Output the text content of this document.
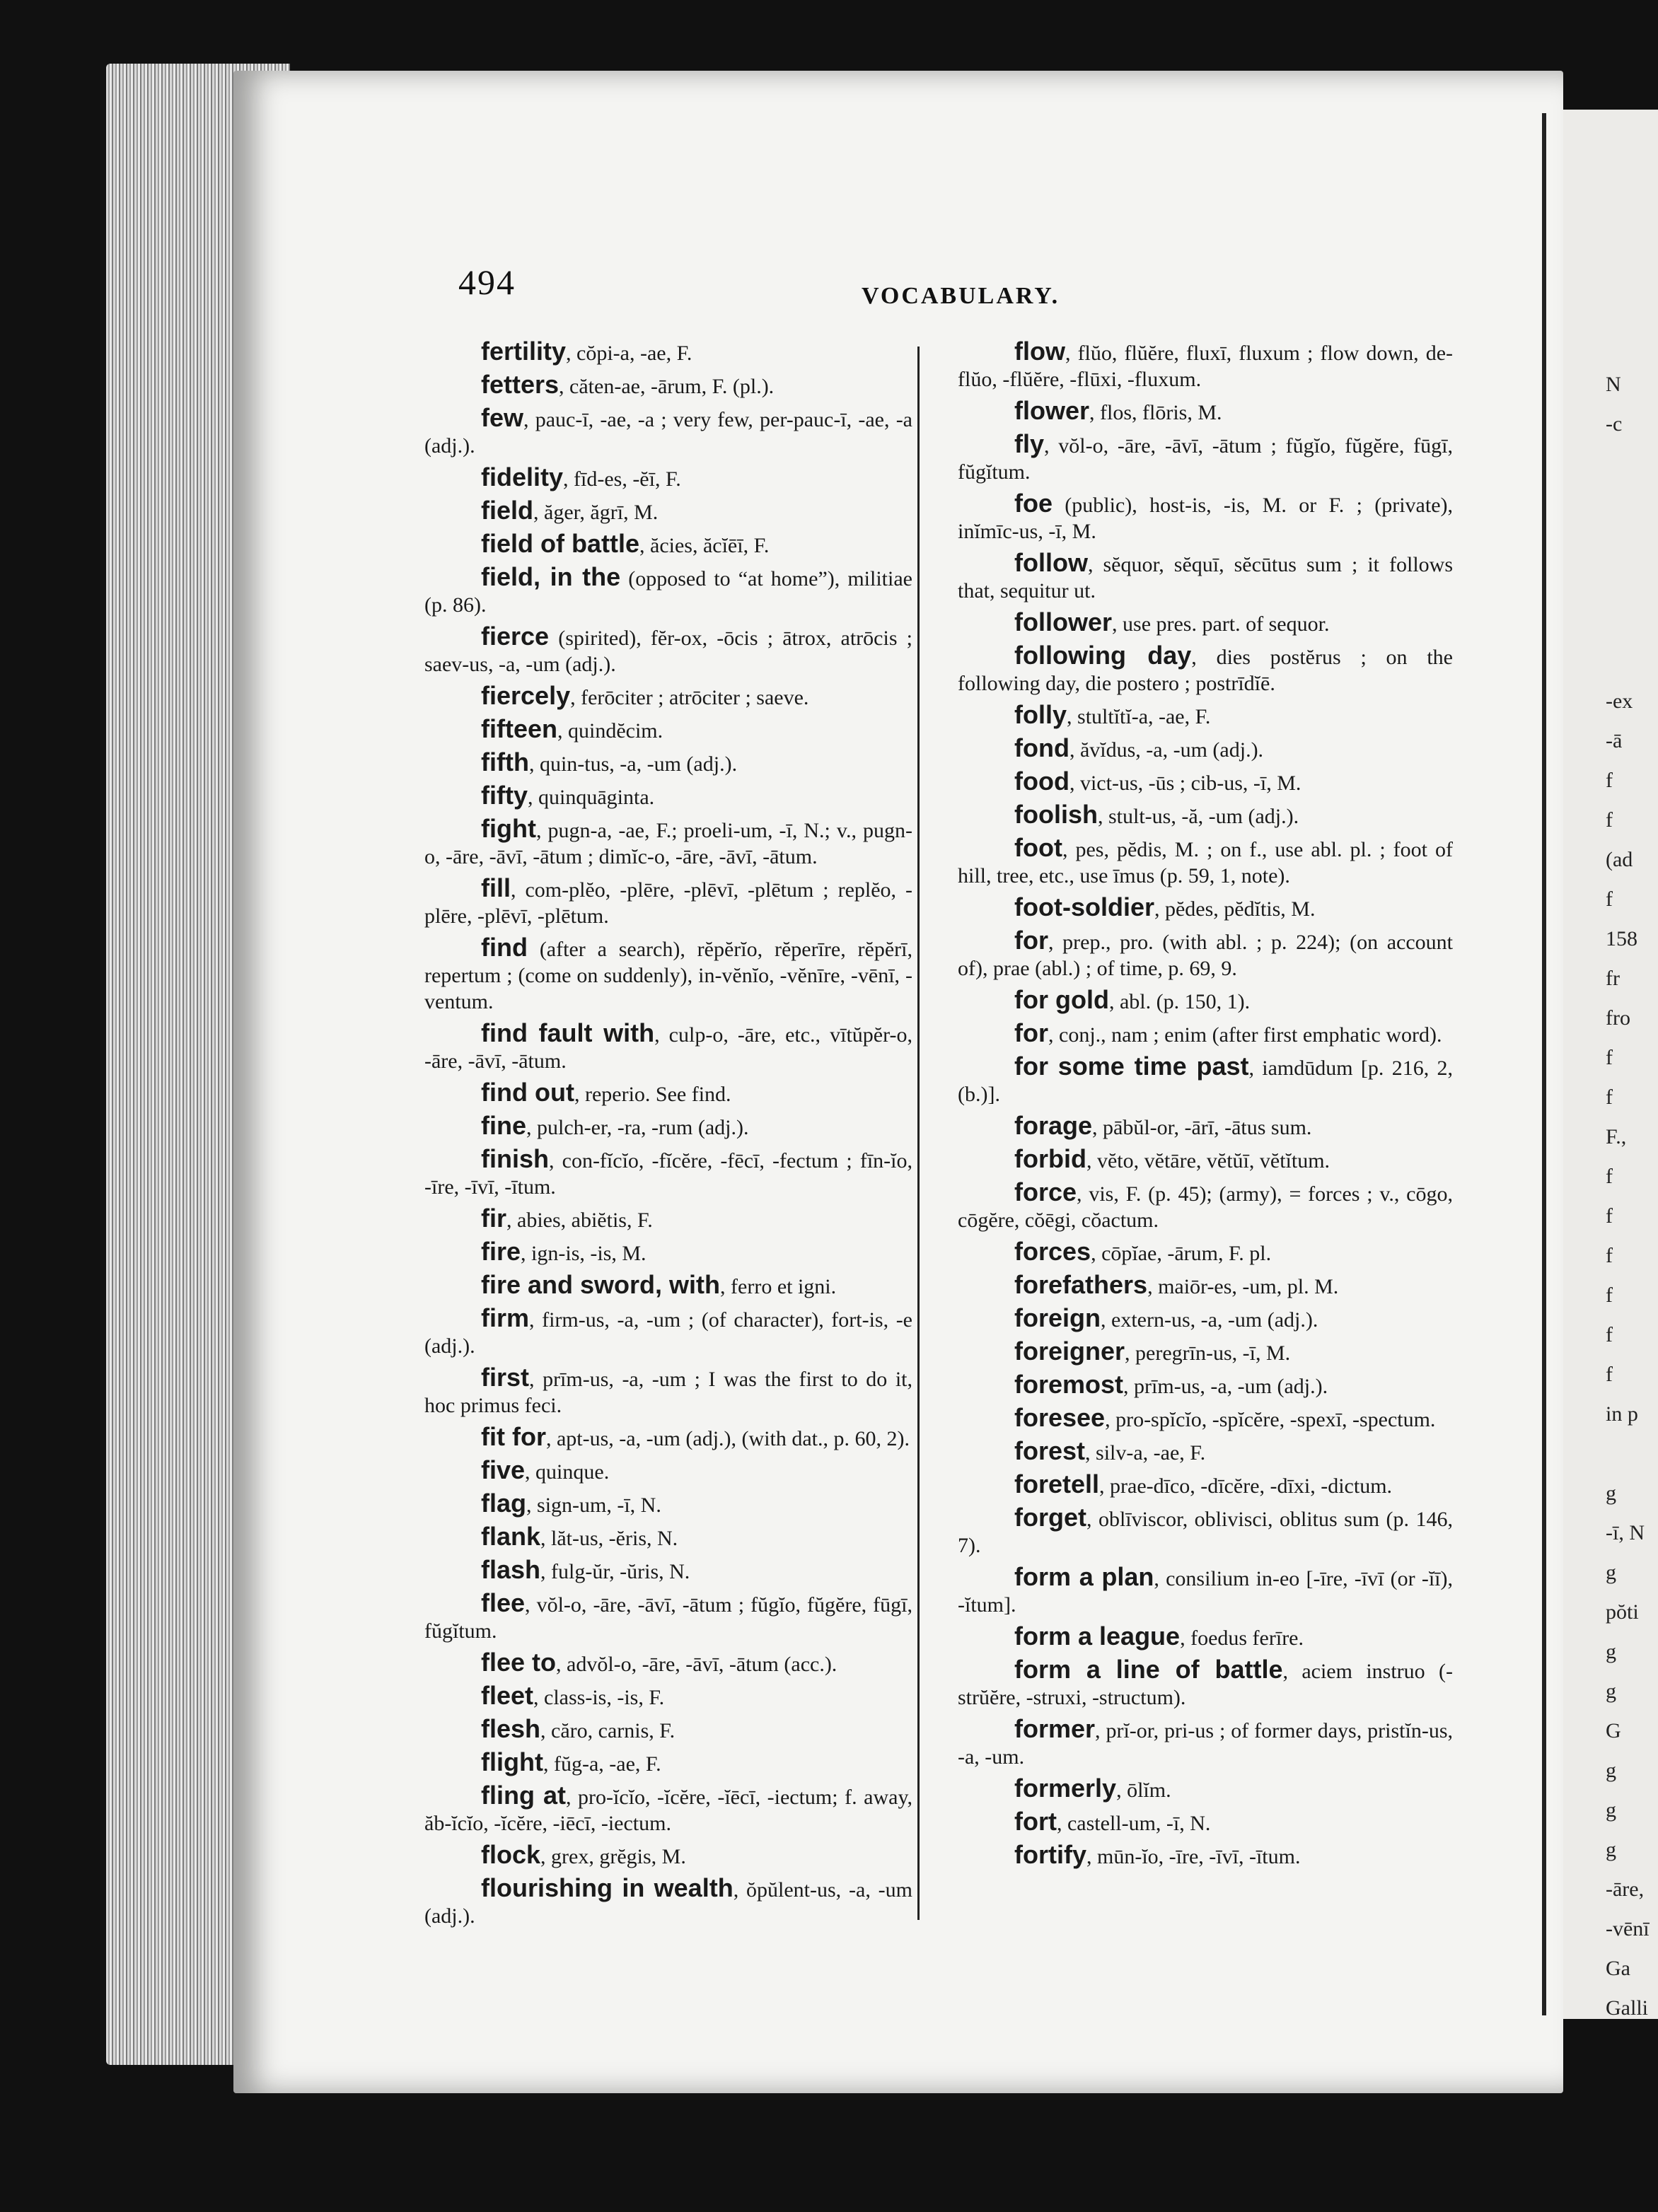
494	VOCABULARY.

fertility, cŏpi-a, -ae, F.

fetters, căten-ae, -ārum, F. (pl.).

few, pauc-ī, -ae, -a ; very few, per-pauc-ī, -ae, -a (adj.).

fidelity, fīd-es, -ĕī, F.

field, ăger, ăgrī, M.

field of battle, ăcies, ăcĭēī, F.

field, in the (opposed to “at home”), militiae (p. 86).

fierce (spirited), fĕr-ox, -ōcis ; ātrox, atrōcis ; saev-us, -a, -um (adj.).

fiercely, ferōciter ; atrōciter ; saeve.

fifteen, quindĕcim.

fifth, quin-tus, -a, -um (adj.).

fifty, quinquāginta.

fight, pugn-a, -ae, F.; proeli-um, -ī, N.; v., pugn-o, -āre, -āvī, -ātum ; dimĭc-o, -āre, -āvī, -ātum.

fill, com-plĕo, -plēre, -plēvī, -plētum ; replĕo, -plēre, -plēvī, -plētum.

find (after a search), rĕpĕrĭo, rĕperīre, rĕpĕrī, repertum ; (come on suddenly), in-vĕnĭo, -vĕnīre, -vēnī, -ventum.

find fault with, culp-o, -āre, etc., vītŭpĕr-o, -āre, -āvī, -ātum.

find out, reperio. See find.

fine, pulch-er, -ra, -rum (adj.).

finish, con-fĭcĭo, -fĭcĕre, -fēcī, -fectum ; fīn-ĭo, -īre, -īvī, -ītum.

fir, abies, abiĕtis, F.

fire, ign-is, -is, M.

fire and sword, with, ferro et igni.

firm, firm-us, -a, -um ; (of character), fort-is, -e (adj.).

first, prīm-us, -a, -um ; I was the first to do it, hoc primus feci.

fit for, apt-us, -a, -um (adj.), (with dat., p. 60, 2).

five, quinque.

flag, sign-um, -ī, N.

flank, lăt-us, -ĕris, N.

flash, fulg-ŭr, -ŭris, N.

flee, vŏl-o, -āre, -āvī, -ātum ; fŭgĭo, fŭgĕre, fūgī, fŭgĭtum.

flee to, advŏl-o, -āre, -āvī, -ātum (acc.).

fleet, class-is, -is, F.

flesh, căro, carnis, F.

flight, fŭg-a, -ae, F.

fling at, pro-ĭcĭo, -ĭcĕre, -ĭēcī, -iectum; f. away, ăb-ĭcĭo, -ĭcĕre, -iēcī, -iectum.

flock, grex, grĕgis, M.

flourishing in wealth, ŏpŭlent-us, -a, -um (adj.).

flow, flŭo, flŭĕre, fluxī, fluxum ; flow down, de-flŭo, -flŭĕre, -flūxi, -fluxum.

flower, flos, flōris, M.

fly, vŏl-o, -āre, -āvī, -ātum ; fŭgĭo, fŭgĕre, fūgī, fŭgĭtum.

foe (public), host-is, -is, M. or F. ; (private), inĭmīc-us, -ī, M.

follow, sĕquor, sĕquī, sĕcūtus sum ; it follows that, sequitur ut.

follower, use pres. part. of sequor.

following day, dies postĕrus ; on the following day, die postero ; postrīdĭē.

folly, stultĭtĭ-a, -ae, F.

fond, ăvĭdus, -a, -um (adj.).

food, vict-us, -ūs ; cib-us, -ī, M.

foolish, stult-us, -ă, -um (adj.).

foot, pes, pĕdis, M. ; on f., use abl. pl. ; foot of hill, tree, etc., use īmus (p. 59, 1, note).

foot-soldier, pĕdes, pĕdĭtis, M.

for, prep., pro. (with abl. ; p. 224); (on account of), prae (abl.) ; of time, p. 69, 9.

for gold, abl. (p. 150, 1).

for, conj., nam ; enim (after first emphatic word).

for some time past, iamdūdum [p. 216, 2, (b.)].

forage, pābŭl-or, -ārī, -ātus sum.

forbid, vĕto, vĕtāre, vĕtŭī, vĕtĭtum.

force, vis, F. (p. 45); (army), = forces ; v., cōgo, cōgĕre, cŏēgi, cŏactum.

forces, cōpĭae, -ārum, F. pl.

forefathers, maiōr-es, -um, pl. M.

foreign, extern-us, -a, -um (adj.).

foreigner, peregrīn-us, -ī, M.

foremost, prīm-us, -a, -um (adj.).

foresee, pro-spĭcĭo, -spĭcĕre, -spexī, -spectum.

forest, silv-a, -ae, F.

foretell, prae-dīco, -dīcĕre, -dīxi, -dictum.

forget, oblīviscor, oblivisci, oblitus sum (p. 146, 7).

form a plan, consilium in-eo [-īre, -īvī (or -ĭī), -ĭtum].

form a league, foedus ferīre.

form a line of battle, aciem instruo (-strŭĕre, -struxi, -structum).

former, prĭ-or, pri-us ; of former days, pristĭn-us, -a, -um.

formerly, ōlĭm.

fort, castell-um, -ī, N.

fortify, mūn-ĭo, -īre, -īvī, -ītum.

N
-c
-ex
-ā
f
f
(ad
f
158
fr
fro
f
f
F.,
f
f
f
f
f
f
in p
g
-ī, N
g
pŏti
g
g
G
g
g
g
-āre,
-vēnī
Ga
Galli
